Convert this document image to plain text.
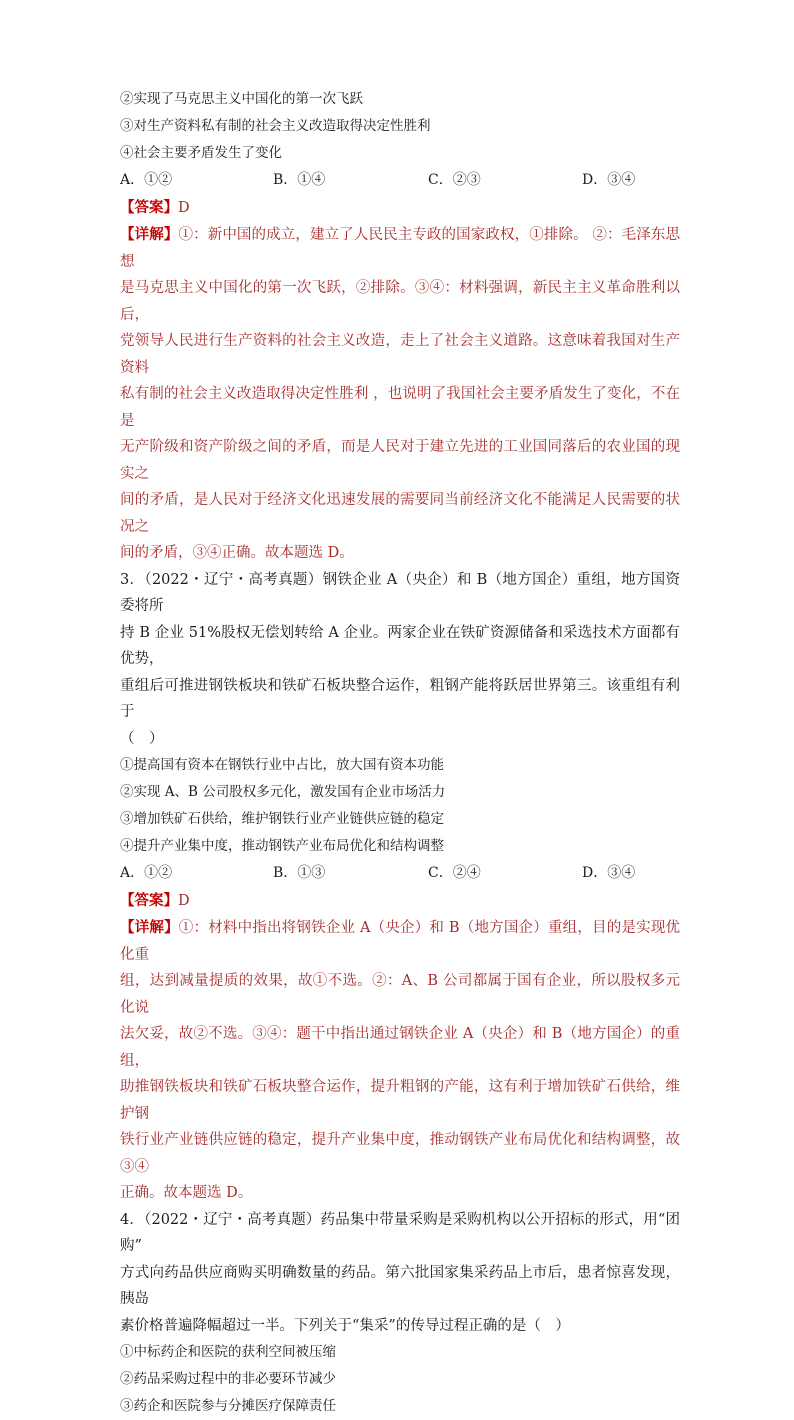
②实现了马克思主义中国化的第一次飞跃
③对生产资料私有制的社会主义改造取得决定性胜利
④社会主要矛盾发生了变化
A．①②	B．①④	C．②③	D．③④
【答案】D
【详解】①：新中国的成立，建立了人民民主专政的国家政权，①排除。 ②：毛泽东思想
是马克思主义中国化的第一次飞跃，②排除。③④：材料强调，新民主主义革命胜利以后，
党领导人民进行生产资料的社会主义改造，走上了社会主义道路。这意味着我国对生产资料
私有制的社会主义改造取得决定性胜利 ，也说明了我国社会主要矛盾发生了变化，不在是
无产阶级和资产阶级之间的矛盾，而是人民对于建立先进的工业国同落后的农业国的现实之
间的矛盾，是人民对于经济文化迅速发展的需要同当前经济文化不能满足人民需要的状况之
间的矛盾，③④正确。故本题选 D。
3．（2022・辽宁・高考真题）钢铁企业 A（央企）和 B（地方国企）重组，地方国资委将所
持 B 企业 51%股权无偿划转给 A 企业。两家企业在铁矿资源储备和采选技术方面都有优势，
重组后可推进钢铁板块和铁矿石板块整合运作，粗钢产能将跃居世界第三。该重组有利于
（　）
①提高国有资本在钢铁行业中占比，放大国有资本功能
②实现 A、B 公司股权多元化，激发国有企业市场活力
③增加铁矿石供给，维护钢铁行业产业链供应链的稳定
④提升产业集中度，推动钢铁产业布局优化和结构调整
A．①②	B．①③	C．②④	D．③④
【答案】D
【详解】①：材料中指出将钢铁企业 A（央企）和 B（地方国企）重组，目的是实现优化重
组，达到减量提质的效果，故①不选。②：A、B 公司都属于国有企业，所以股权多元化说
法欠妥，故②不选。③④：题干中指出通过钢铁企业 A（央企）和 B（地方国企）的重组，
助推钢铁板块和铁矿石板块整合运作，提升粗钢的产能，这有利于增加铁矿石供给，维护钢
铁行业产业链供应链的稳定，提升产业集中度，推动钢铁产业布局优化和结构调整，故③④
正确。故本题选 D。
4．（2022・辽宁・高考真题）药品集中带量采购是采购机构以公开招标的形式，用“团购”
方式向药品供应商购买明确数量的药品。第六批国家集采药品上市后，患者惊喜发现，胰岛
素价格普遍降幅超过一半。下列关于“集采”的传导过程正确的是（　）
①中标药企和医院的获利空间被压缩
②药品采购过程中的非必要环节减少
③药企和医院参与分摊医疗保障责任
